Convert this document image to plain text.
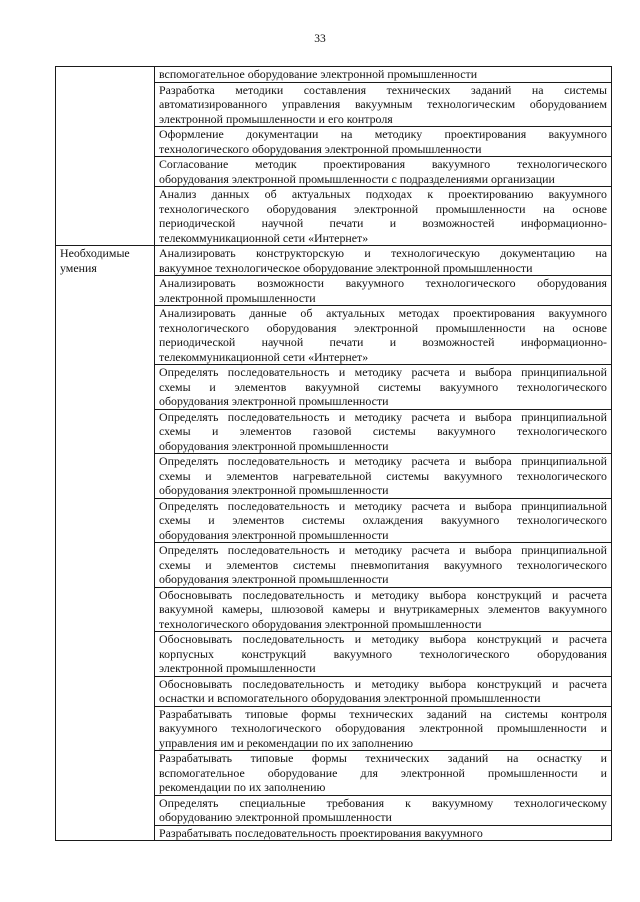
33

	вспомогательное оборудование электронной промышленности

	Разработка методики составления технических заданий на системы
автоматизированного управления вакуумным технологическим оборудованием
электронной промышленности и его контроля

	Оформление документации на методику проектирования вакуумного
технологического оборудования электронной промышленности

	Согласование методик проектирования вакуумного технологического
оборудования электронной промышленности с подразделениями организации

	Анализ данных об актуальных подходах к проектированию вакуумного
технологического оборудования электронной промышленности на основе
периодической научной печати и возможностей информационно-
телекоммуникационной сети «Интернет»

Необходимые умения	Анализировать конструкторскую и технологическую документацию на
вакуумное технологическое оборудование электронной промышленности

	Анализировать возможности вакуумного технологического оборудования
электронной промышленности

	Анализировать данные об актуальных методах проектирования вакуумного
технологического оборудования электронной промышленности на основе
периодической научной печати и возможностей информационно-
телекоммуникационной сети «Интернет»

	Определять последовательность и методику расчета и выбора принципиальной
схемы и элементов вакуумной системы вакуумного технологического
оборудования электронной промышленности

	Определять последовательность и методику расчета и выбора принципиальной
схемы и элементов газовой системы вакуумного технологического
оборудования электронной промышленности

	Определять последовательность и методику расчета и выбора принципиальной
схемы и элементов нагревательной системы вакуумного технологического
оборудования электронной промышленности

	Определять последовательность и методику расчета и выбора принципиальной
схемы и элементов системы охлаждения вакуумного технологического
оборудования электронной промышленности

	Определять последовательность и методику расчета и выбора принципиальной
схемы и элементов системы пневмопитания вакуумного технологического
оборудования электронной промышленности

	Обосновывать последовательность и методику выбора конструкций и расчета
вакуумной камеры, шлюзовой камеры и внутрикамерных элементов вакуумного
технологического оборудования электронной промышленности

	Обосновывать последовательность и методику выбора конструкций и расчета
корпусных конструкций вакуумного технологического оборудования
электронной промышленности

	Обосновывать последовательность и методику выбора конструкций и расчета
оснастки и вспомогательного оборудования электронной промышленности

	Разрабатывать типовые формы технических заданий на системы контроля
вакуумного технологического оборудования электронной промышленности и
управления им и рекомендации по их заполнению

	Разрабатывать типовые формы технических заданий на оснастку и
вспомогательное оборудование для электронной промышленности и
рекомендации по их заполнению

	Определять специальные требования к вакуумному технологическому
оборудованию электронной промышленности

	Разрабатывать последовательность проектирования вакуумного
